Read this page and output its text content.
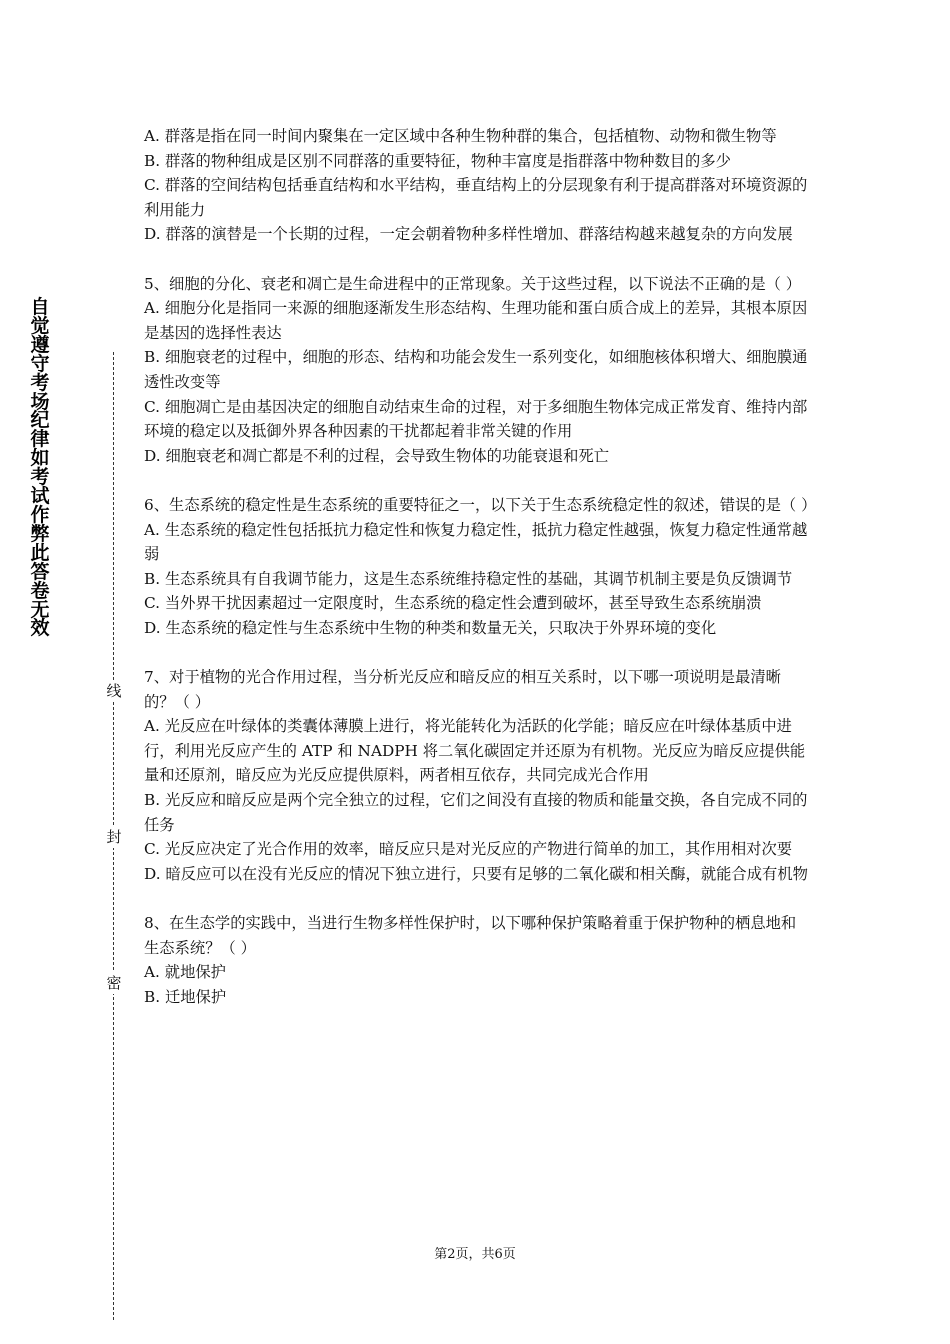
自觉遵守考场纪律如考试作弊此答卷无效
线
封
密

A. 群落是指在同一时间内聚集在一定区域中各种生物种群的集合，包括植物、动物和微生物等

B. 群落的物种组成是区别不同群落的重要特征，物种丰富度是指群落中物种数目的多少

C. 群落的空间结构包括垂直结构和水平结构，垂直结构上的分层现象有利于提高群落对环境资源的利用能力

D. 群落的演替是一个长期的过程，一定会朝着物种多样性增加、群落结构越来越复杂的方向发展

5、细胞的分化、衰老和凋亡是生命进程中的正常现象。关于这些过程，以下说法不正确的是（ ）

A. 细胞分化是指同一来源的细胞逐渐发生形态结构、生理功能和蛋白质合成上的差异，其根本原因是基因的选择性表达

B. 细胞衰老的过程中，细胞的形态、结构和功能会发生一系列变化，如细胞核体积增大、细胞膜通透性改变等

C. 细胞凋亡是由基因决定的细胞自动结束生命的过程，对于多细胞生物体完成正常发育、维持内部环境的稳定以及抵御外界各种因素的干扰都起着非常关键的作用

D. 细胞衰老和凋亡都是不利的过程，会导致生物体的功能衰退和死亡

6、生态系统的稳定性是生态系统的重要特征之一，以下关于生态系统稳定性的叙述，错误的是（ ）

A. 生态系统的稳定性包括抵抗力稳定性和恢复力稳定性，抵抗力稳定性越强，恢复力稳定性通常越弱

B. 生态系统具有自我调节能力，这是生态系统维持稳定性的基础，其调节机制主要是负反馈调节

C. 当外界干扰因素超过一定限度时，生态系统的稳定性会遭到破坏，甚至导致生态系统崩溃

D. 生态系统的稳定性与生态系统中生物的种类和数量无关，只取决于外界环境的变化

7、对于植物的光合作用过程，当分析光反应和暗反应的相互关系时，以下哪一项说明是最清晰的？（ ）

A. 光反应在叶绿体的类囊体薄膜上进行，将光能转化为活跃的化学能；暗反应在叶绿体基质中进行，利用光反应产生的 ATP 和 NADPH 将二氧化碳固定并还原为有机物。光反应为暗反应提供能量和还原剂，暗反应为光反应提供原料，两者相互依存，共同完成光合作用

B. 光反应和暗反应是两个完全独立的过程，它们之间没有直接的物质和能量交换，各自完成不同的任务

C. 光反应决定了光合作用的效率，暗反应只是对光反应的产物进行简单的加工，其作用相对次要

D. 暗反应可以在没有光反应的情况下独立进行，只要有足够的二氧化碳和相关酶，就能合成有机物

8、在生态学的实践中，当进行生物多样性保护时，以下哪种保护策略着重于保护物种的栖息地和生态系统？（ ）

A. 就地保护

B. 迁地保护

第2页，共6页
